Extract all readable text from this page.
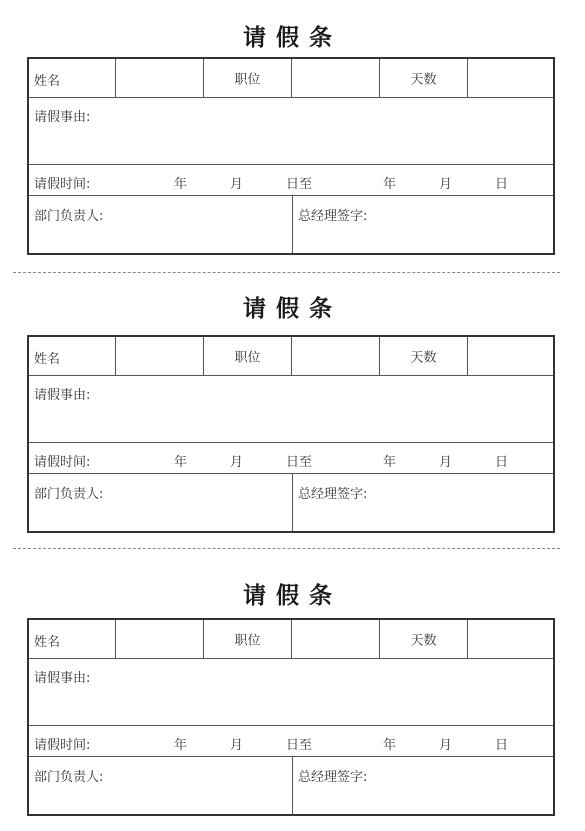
请假条
姓名	职位	天数
请假事由:
请假时间:	年	月	日至	年	月	日
部门负责人:	总经理签字:
请假条
姓名	职位	天数
请假事由:
请假时间:	年	月	日至	年	月	日
部门负责人:	总经理签字:
请假条
姓名	职位	天数
请假事由:
请假时间:	年	月	日至	年	月	日
部门负责人:	总经理签字:
